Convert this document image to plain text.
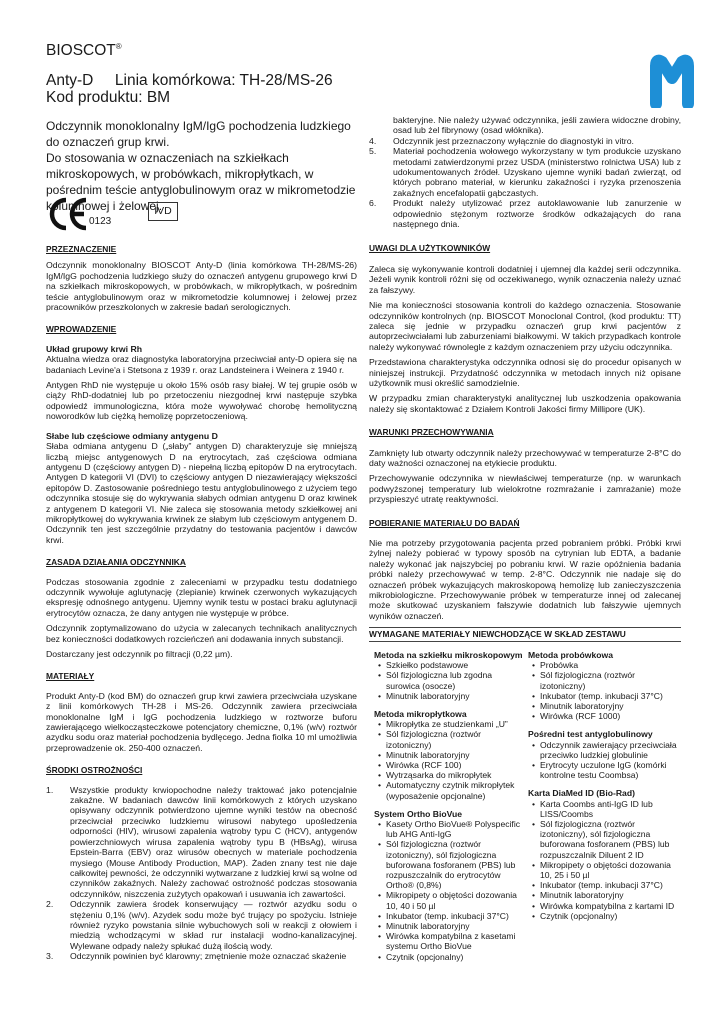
BIOSCOT®
Anty-D     Linia komórkowa: TH-28/MS-26
Kod produktu: BM
Odczynnik monoklonalny IgM/IgG pochodzenia ludzkiego do oznaczeń grup krwi.
Do stosowania w oznaczeniach na szkiełkach mikroskopowych, w probówkach, mikropłytkach, w pośrednim teście antyglobulinowym oraz w mikrometodzie kolumnowej i żelowej.
0123
IVD
PRZEZNACZENIE

Odczynnik monoklonalny BIOSCOT Anty-D (linia komórkowa TH-28/MS-26) IgM/IgG pochodzenia ludzkiego służy do oznaczeń antygenu grupowego krwi D na szkiełkach mikroskopowych, w probówkach, w mikropłytkach, w pośrednim teście antyglobulinowym oraz w mikrometodzie kolumnowej i żelowej przez pracowników przeszkolonych w zakresie badań serologicznych.

WPROWADZENIE
Układ grupowy krwi Rh

Aktualna wiedza oraz diagnostyka laboratoryjna przeciwciał anty-D opiera się na badaniach Levine'a i Stetsona z 1939 r. oraz Landsteinera i Weinera z 1940 r.

Antygen RhD nie występuje u około 15% osób rasy białej. W tej grupie osób w ciąży RhD-dodatniej lub po przetoczeniu niezgodnej krwi następuje szybka odpowiedź immunologiczna, która może wywoływać chorobę hemolityczną noworodków lub ciężką hemolizę poprzetoczeniową.

Słabe lub częściowe odmiany antygenu D

Słaba odmiana antygenu D („słaby” antygen D) charakteryzuje się mniejszą liczbą miejsc antygenowych D na erytrocytach, zaś częściowa odmiana antygenu D (częściowy antygen D) - niepełną liczbą epitopów D na erytrocytach. Antygen D kategorii VI (DVI) to częściowy antygen D niezawierający większości epitopów D. Zastosowanie pośredniego testu antyglobulinowego z użyciem tego odczynnika stosuje się do wykrywania słabych odmian antygenu D oraz krwinek z antygenem D kategorii VI. Nie zaleca się stosowania metody szkiełkowej ani mikropłytkowej do wykrywania krwinek ze słabym lub częściowym antygenem D. Odczynnik ten jest szczególnie przydatny do testowania pacjentów i dawców krwi.

ZASADA DZIAŁANIA ODCZYNNIKA

Podczas stosowania zgodnie z zaleceniami w przypadku testu dodatniego odczynnik wywołuje aglutynację (zlepianie) krwinek czerwonych wykazujących ekspresję odnośnego antygenu. Ujemny wynik testu w postaci braku aglutynacji erytrocytów oznacza, że dany antygen nie występuje w próbce.

Odczynnik zoptymalizowano do użycia w zalecanych technikach analitycznych bez konieczności dodatkowych rozcieńczeń ani dodawania innych substancji.

Dostarczany jest odczynnik po filtracji (0,22 µm).

MATERIAŁY

Produkt Anty-D (kod BM) do oznaczeń grup krwi zawiera przeciwciała uzyskane z linii komórkowych TH-28 i MS-26. Odczynnik zawiera przeciwciała monoklonalne IgM i IgG pochodzenia ludzkiego w roztworze buforu zawierającego wielkocząsteczkowe potencjatory chemiczne, 0,1% (w/v) roztwór azydku sodu oraz materiał pochodzenia bydlęcego. Jedna fiolka 10 ml umożliwia przeprowadzenie ok. 250-400 oznaczeń.

ŚRODKI OSTROŻNOŚCI
1. Wszystkie produkty krwiopochodne należy traktować jako potencjalnie zakaźne. W badaniach dawców linii komórkowych z których uzyskano opisywany odczynnik potwierdzono ujemne wyniki testów na obecność przeciwciał przeciwko ludzkiemu wirusowi nabytego upośledzenia odporności (HIV), wirusowi zapalenia wątroby typu C (HCV), antygenów powierzchniowych wirusa zapalenia wątroby typu B (HBsAg), wirusa Epstein-Barra (EBV) oraz wirusów obecnych w materiale pochodzenia mysiego (Mouse Antibody Production, MAP). Żaden znany test nie daje całkowitej pewności, że odczynniki wytwarzane z ludzkiej krwi są wolne od czynników zakaźnych. Należy zachować ostrożność podczas stosowania odczynników, niszczenia zużytych opakowań i usuwania ich zawartości.
2. Odczynnik zawiera środek konserwujący — roztwór azydku sodu o stężeniu 0,1% (w/v). Azydek sodu może być trujący po spożyciu. Istnieje również ryzyko powstania silnie wybuchowych soli w reakcji z ołowiem i miedzią wchodzącymi w skład rur instalacji wodno-kanalizacyjnej. Wylewane odpady należy spłukać dużą ilością wody.
3. Odczynnik powinien być klarowny; zmętnienie może oznaczać skażenie

bakteryjne. Nie należy używać odczynnika, jeśli zawiera widoczne drobiny, osad lub żel fibrynowy (osad włóknika).

4. Odczynnik jest przeznaczony wyłącznie do diagnostyki in vitro.
5. Materiał pochodzenia wołowego wykorzystany w tym produkcie uzyskano metodami zatwierdzonymi przez USDA (ministerstwo rolnictwa USA) lub z udokumentowanych źródeł. Uzyskano ujemne wyniki badań zwierząt, od których pobrano materiał, w kierunku zakaźności i ryzyka przenoszenia zakaźnych encefalopatii gąbczastych.
6. Produkt należy utylizować przez autoklawowanie lub zanurzenie w odpowiednio stężonym roztworze środków odkażających do rana następnego dnia.
UWAGI DLA UŻYTKOWNIKÓW

Zaleca się wykonywanie kontroli dodatniej i ujemnej dla każdej serii odczynnika. Jeżeli wynik kontroli różni się od oczekiwanego, wynik oznaczenia należy uznać za fałszywy.

Nie ma konieczności stosowania kontroli do każdego oznaczenia. Stosowanie odczynników kontrolnych (np. BIOSCOT Monoclonal Control, (kod produktu: TT) zaleca się jednie w przypadku oznaczeń grup krwi pacjentów z autoprzeciwciałami lub zaburzeniami białkowymi. W takich przypadkach kontrole należy wykonywać równolegle z każdym oznaczeniem przy użyciu odczynnika.

Przedstawiona charakterystyka odczynnika odnosi się do procedur opisanych w niniejszej instrukcji. Przydatność odczynnika w metodach innych niż opisane użytkownik musi określić samodzielnie.

W przypadku zmian charakterystyki analitycznej lub uszkodzenia opakowania należy się skontaktować z Działem Kontroli Jakości firmy Millipore (UK).

WARUNKI PRZECHOWYWANIA

Zamknięty lub otwarty odczynnik należy przechowywać w temperaturze 2-8°C do daty ważności oznaczonej na etykiecie produktu.

Przechowywanie odczynnika w niewłaściwej temperaturze (np. w warunkach podwyższonej temperatury lub wielokrotne rozmrażanie i zamrażanie) może przyspieszyć utratę reaktywności.

POBIERANIE MATERIAŁU DO BADAŃ

Nie ma potrzeby przygotowania pacjenta przed pobraniem próbki. Próbki krwi żylnej należy pobierać w typowy sposób na cytrynian lub EDTA, a badanie należy wykonać jak najszybciej po pobraniu krwi. W razie opóźnienia badania próbki należy przechowywać w temp. 2-8°C. Odczynnik nie nadaje się do oznaczeń próbek wykazujących makroskopową hemolizę lub zanieczyszczenia mikrobiologiczne. Przechowywanie próbek w temperaturze innej od zalecanej może skutkować uzyskaniem fałszywie dodatnich lub fałszywie ujemnych wyników oznaczeń.

WYMAGANE MATERIAŁY NIEWCHODZĄCE W SKŁAD ZESTAWU
Metoda na szkiełku mikroskopowym
• Szkiełko podstawowe
• Sól fizjologiczna lub zgodna surowica (osocze)
• Minutnik laboratoryjny
Metoda mikropłytkowa
• Mikropłytka ze studzienkami „U”
• Sól fizjologiczna (roztwór izotoniczny)
• Minutnik laboratoryjny
• Wirówka (RCF 100)
• Wytrząsarka do mikropłytek
• Automatyczny czytnik mikropłytek (wyposażenie opcjonalne)
System Ortho BioVue
• Kasety Ortho BioVue® Polyspecific lub AHG Anti-IgG
• Sól fizjologiczna (roztwór izotoniczny), sól fizjologiczna buforowana fosforanem (PBS) lub rozpuszczalnik do erytrocytów Ortho® (0,8%)
• Mikropipety o objętości dozowania 10, 40 i 50 µl
• Inkubator (temp. inkubacji 37°C)
• Minutnik laboratoryjny
• Wirówka kompatybilna z kasetami systemu Ortho BioVue
• Czytnik (opcjonalny)
Metoda probówkowa
• Probówka
• Sól fizjologiczna (roztwór izotoniczny)
• Inkubator (temp. inkubacji 37°C)
• Minutnik laboratoryjny
• Wirówka (RCF 1000)
Pośredni test antyglobulinowy
• Odczynnik zawierający przeciwciała przeciwko ludzkiej globulinie
• Erytrocyty uczulone IgG (komórki kontrolne testu Coombsa)
Karta DiaMed ID (Bio-Rad)
• Karta Coombs anti-IgG ID lub LISS/Coombs
• Sól fizjologiczna (roztwór izotoniczny), sól fizjologiczna buforowana fosforanem (PBS) lub rozpuszczalnik Diluent 2 ID
• Mikropipety o objętości dozowania 10, 25 i 50 µl
• Inkubator (temp. inkubacji 37°C)
• Minutnik laboratoryjny
• Wirówka kompatybilna z kartami ID
• Czytnik (opcjonalny)
